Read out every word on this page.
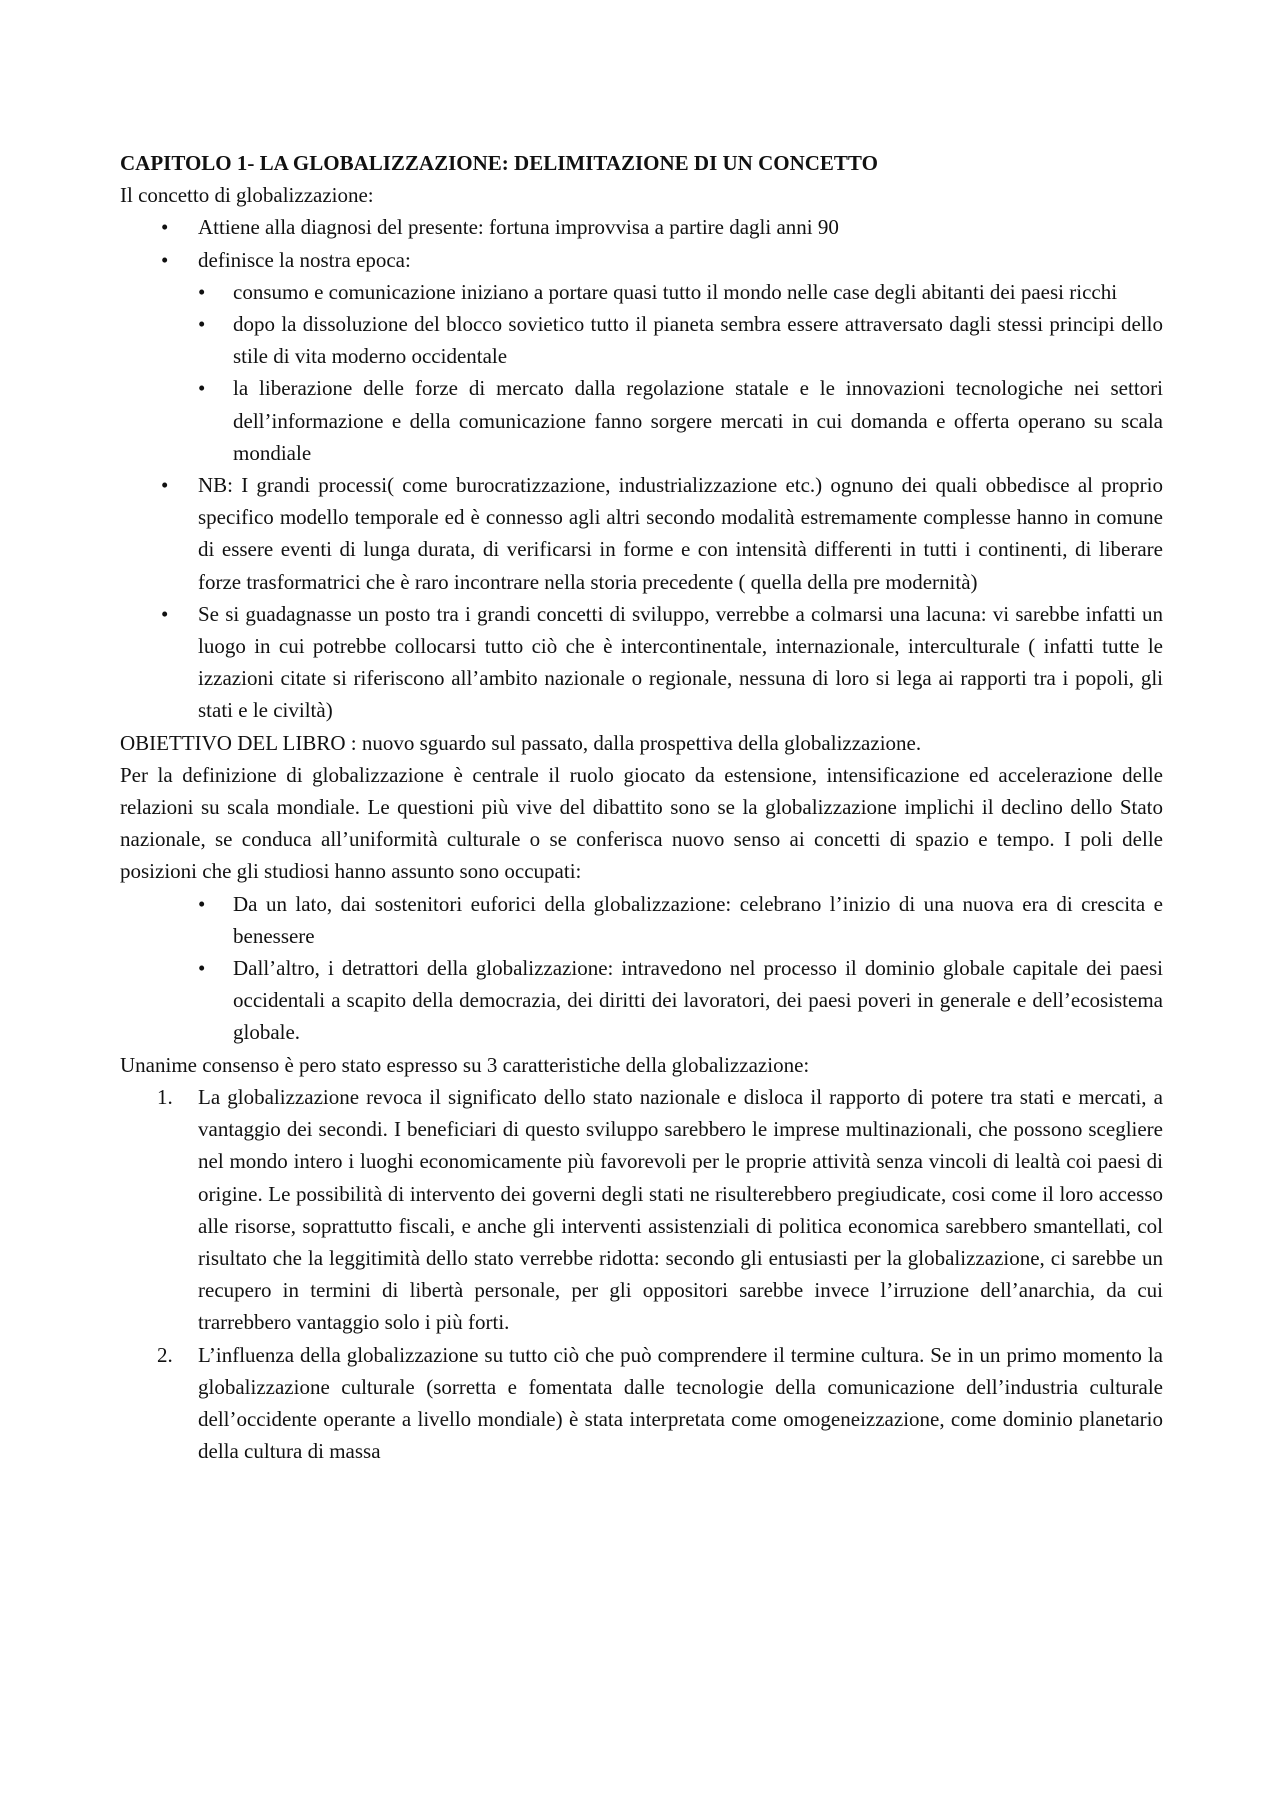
CAPITOLO 1- LA GLOBALIZZAZIONE: DELIMITAZIONE DI UN CONCETTO

Il concetto di globalizzazione:

• Attiene alla diagnosi del presente: fortuna improvvisa a partire dagli anni 90
• definisce la nostra epoca:
• consumo e comunicazione iniziano a portare quasi tutto il mondo nelle case degli abitanti dei paesi ricchi
• dopo la dissoluzione del blocco sovietico tutto il pianeta sembra essere attraversato dagli stessi principi dello stile di vita moderno occidentale
• la liberazione delle forze di mercato dalla regolazione statale e le innovazioni tecnologiche nei settori dell’informazione e della comunicazione fanno sorgere mercati in cui domanda e offerta operano su scala mondiale
• NB: I grandi processi( come burocratizzazione, industrializzazione etc.) ognuno dei quali obbedisce al proprio specifico modello temporale ed è connesso agli altri secondo modalità estremamente complesse hanno in comune di essere eventi di lunga durata, di verificarsi in forme e con intensità differenti in tutti i continenti, di liberare forze trasformatrici che è raro incontrare nella storia precedente ( quella della pre modernità)
• Se si guadagnasse un posto tra i grandi concetti di sviluppo, verrebbe a colmarsi una lacuna: vi sarebbe infatti un luogo in cui potrebbe collocarsi tutto ciò che è intercontinentale, internazionale, interculturale ( infatti tutte le izzazioni citate si riferiscono all’ambito nazionale o regionale, nessuna di loro si lega ai rapporti tra i popoli, gli stati e le civiltà)

OBIETTIVO DEL LIBRO : nuovo sguardo sul passato, dalla prospettiva della globalizzazione.

Per la definizione di globalizzazione è centrale il ruolo giocato da estensione, intensificazione ed accelerazione delle relazioni su scala mondiale. Le questioni più vive del dibattito sono se la globalizzazione implichi il declino dello Stato nazionale, se conduca all’uniformità culturale o se conferisca nuovo senso ai concetti di spazio e tempo. I poli delle posizioni che gli studiosi hanno assunto sono occupati:

• Da un lato, dai sostenitori euforici della globalizzazione: celebrano l’inizio di una nuova era di crescita e benessere
• Dall’altro, i detrattori della globalizzazione: intravedono nel processo il dominio globale capitale dei paesi occidentali a scapito della democrazia, dei diritti dei lavoratori, dei paesi poveri in generale e dell’ecosistema globale.

Unanime consenso è pero stato espresso su 3 caratteristiche della globalizzazione:

1. La globalizzazione revoca il significato dello stato nazionale e disloca il rapporto di potere tra stati e mercati, a vantaggio dei secondi. I beneficiari di questo sviluppo sarebbero le imprese multinazionali, che possono scegliere nel mondo intero i luoghi economicamente più favorevoli per le proprie attività senza vincoli di lealtà coi paesi di origine. Le possibilità di intervento dei governi degli stati ne risulterebbero pregiudicate, cosi come il loro accesso alle risorse, soprattutto fiscali, e anche gli interventi assistenziali di politica economica sarebbero smantellati, col risultato che la leggitimità dello stato verrebbe ridotta: secondo gli entusiasti per la globalizzazione, ci sarebbe un recupero in termini di libertà personale, per gli oppositori sarebbe invece l’irruzione dell’anarchia, da cui trarrebbero vantaggio solo i più forti.
2. L’influenza della globalizzazione su tutto ciò che può comprendere il termine cultura. Se in un primo momento la globalizzazione culturale (sorretta e fomentata dalle tecnologie della comunicazione dell’industria culturale dell’occidente operante a livello mondiale) è stata interpretata come omogeneizzazione, come dominio planetario della cultura di massa
